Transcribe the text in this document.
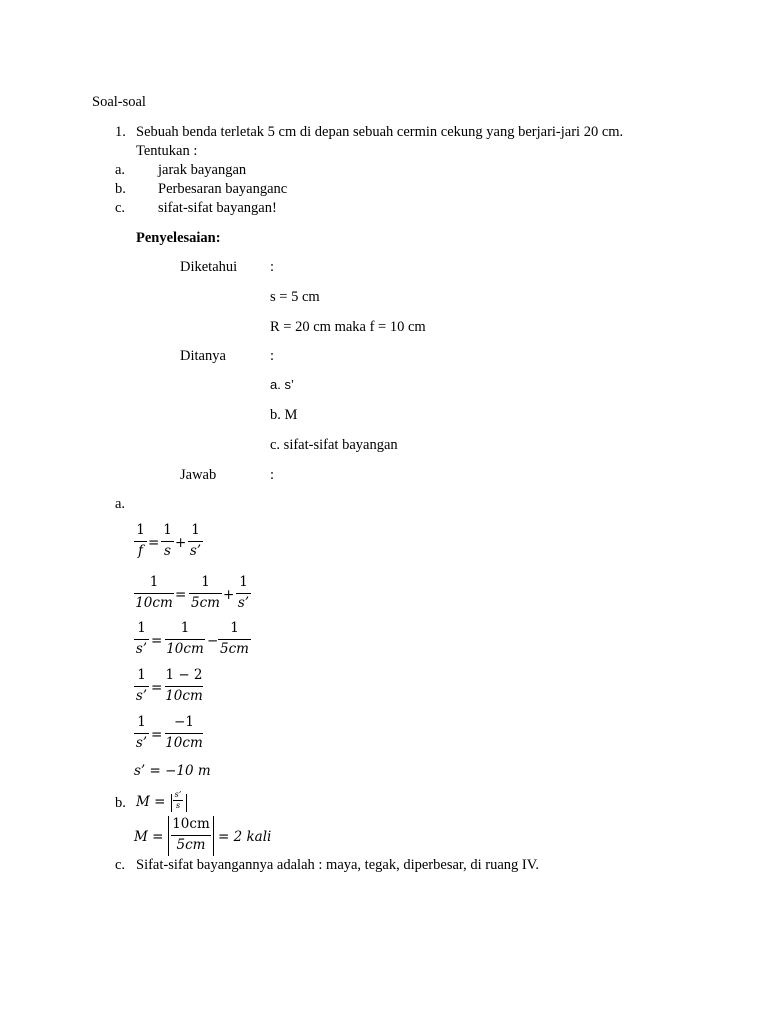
Soal-soal
1. Sebuah benda terletak 5 cm di depan sebuah cermin cekung yang berjari-jari 20 cm.
Tentukan :
a. jarak bayangan
b. Perbesaran bayanganc
c. sifat-sifat bayangan!
Penyelesaian:
Diketahui :
s = 5 cm
R = 20 cm maka f = 10 cm
Ditanya	:
a. s’
b. M
c. sifat-sifat bayangan
Jawab	:
a.
1
f =
1
s +
1
s’
1
10cm =
1
5cm +
1
s’
1
s’ =
1
10cm −
1
5cm
1
s’ =
1 − 2
10cm
1
s’ =
−1
10cm
s’ = −10 m
b. M = s’
s
M =
10cm
5cm = 2 kali
c. Sifat-sifat bayangannya adalah : maya, tegak, diperbesar, di ruang IV.
